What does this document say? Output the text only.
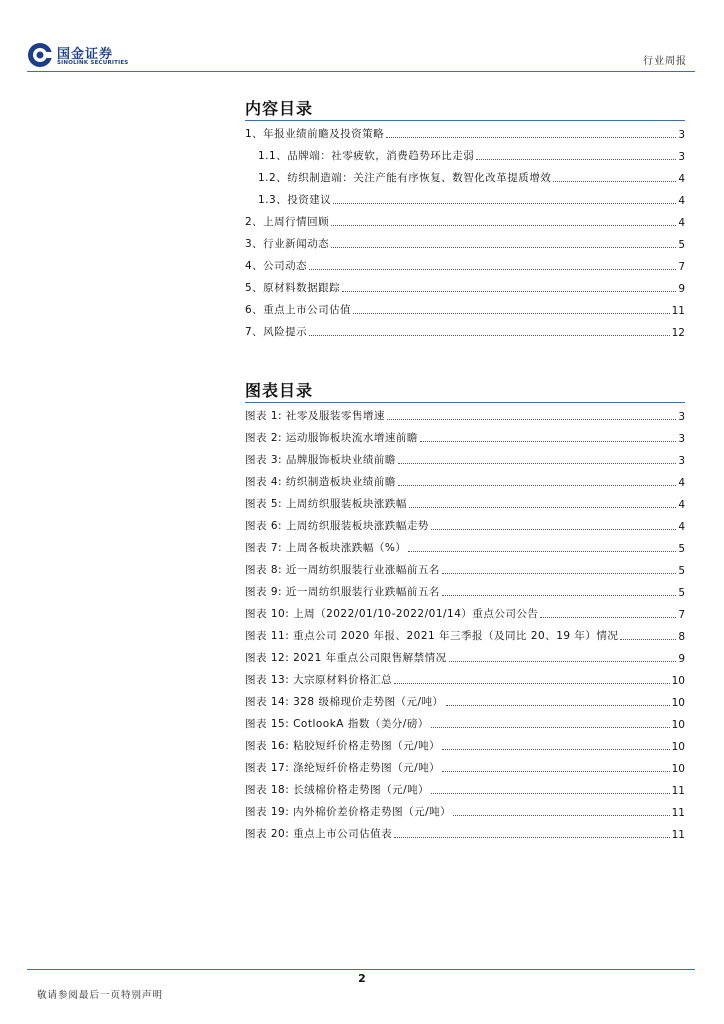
国金证券
SINOLINK SECURITIES	行业周报
内容目录
1、年报业绩前瞻及投资策略	3
1.1、品牌端：社零疲软，消费趋势环比走弱	3
1.2、纺织制造端：关注产能有序恢复、数智化改革提质增效	4
1.3、投资建议	4
2、上周行情回顾	4
3、行业新闻动态	5
4、公司动态	7
5、原材料数据跟踪	9
6、重点上市公司估值	11
7、风险提示	12
图表目录
图表 1: 社零及服装零售增速	3
图表 2: 运动服饰板块流水增速前瞻	3
图表 3: 品牌服饰板块业绩前瞻	3
图表 4: 纺织制造板块业绩前瞻	4
图表 5: 上周纺织服装板块涨跌幅	4
图表 6: 上周纺织服装板块涨跌幅走势	4
图表 7: 上周各板块涨跌幅（%）	5
图表 8: 近一周纺织服装行业涨幅前五名	5
图表 9: 近一周纺织服装行业跌幅前五名	5
图表 10: 上周（2022/01/10-2022/01/14）重点公司公告	7
图表 11: 重点公司 2020 年报、2021 年三季报（及同比 20、19 年）情况	8
图表 12: 2021 年重点公司限售解禁情况	9
图表 13: 大宗原材料价格汇总	10
图表 14: 328 级棉现价走势图（元/吨）	10
图表 15: CotlookA 指数（美分/磅）	10
图表 16: 粘胶短纤价格走势图（元/吨）	10
图表 17: 涤纶短纤价格走势图（元/吨）	10
图表 18: 长绒棉价格走势图（元/吨）	11
图表 19: 内外棉价差价格走势图（元/吨）	11
图表 20: 重点上市公司估值表	11
2
敬请参阅最后一页特别声明
